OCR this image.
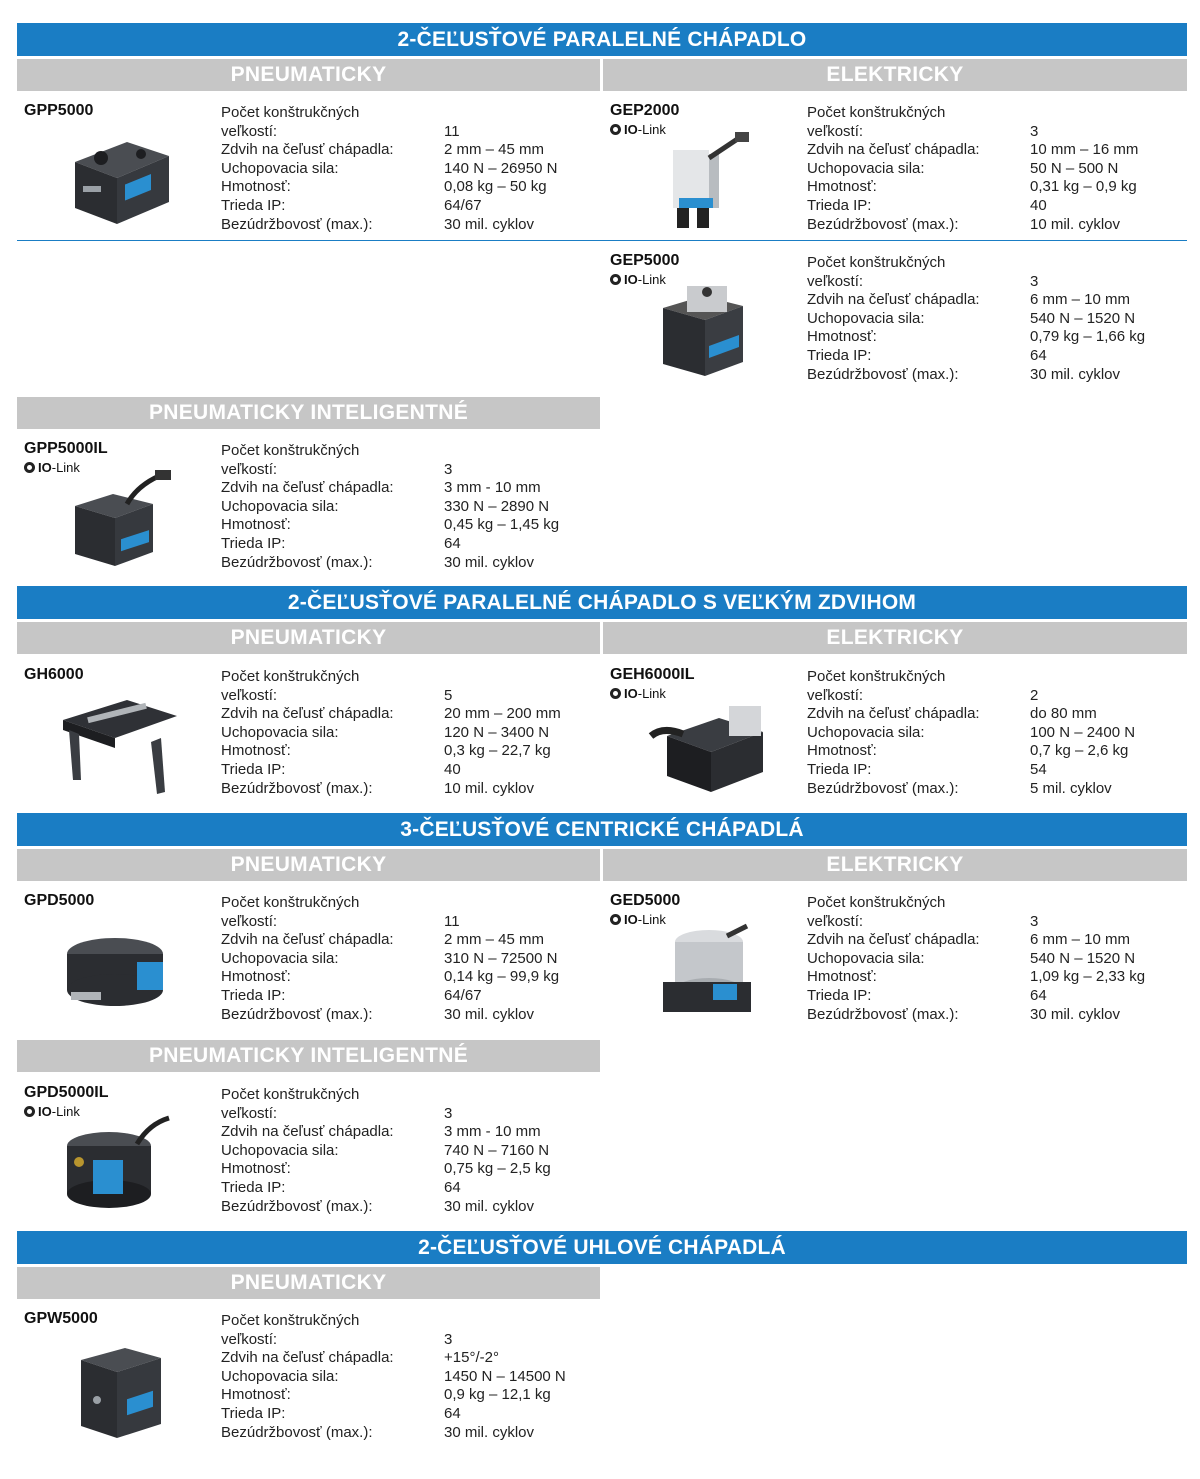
2-ČEĽUSŤOVÉ PARALELNÉ CHÁPADLO
PNEUMATICKY	ELEKTRICKY
GPP5000	Počet konštrukčných
veľkostí:	11
Zdvih na čeľusť chápadla:	2 mm – 45 mm
Uchopovacia sila:	140 N – 26950 N
Hmotnosť:	0,08 kg – 50 kg
Trieda IP:	64/67
Bezúdržbovosť (max.):	30 mil. cyklov
GEP2000
IO-Link
Počet konštrukčných
veľkostí:	3
Zdvih na čeľusť chápadla:	10 mm – 16 mm
Uchopovacia sila:	50 N – 500 N
Hmotnosť:	0,31 kg – 0,9 kg
Trieda IP:	40
Bezúdržbovosť (max.):	10 mil. cyklov
GEP5000
IO-Link
Počet konštrukčných
veľkostí:	3
Zdvih na čeľusť chápadla:	6 mm – 10 mm
Uchopovacia sila:	540 N – 1520 N
Hmotnosť:	0,79 kg – 1,66 kg
Trieda IP:	64
Bezúdržbovosť (max.):	30 mil. cyklov
PNEUMATICKY INTELIGENTNÉ
GPP5000IL
IO-Link
Počet konštrukčných
veľkostí:	3
Zdvih na čeľusť chápadla:	3 mm - 10 mm
Uchopovacia sila:	330 N – 2890 N
Hmotnosť:	0,45 kg – 1,45 kg
Trieda IP:	64
Bezúdržbovosť (max.):	30 mil. cyklov
2-ČEĽUSŤOVÉ PARALELNÉ CHÁPADLO S VEĽKÝM ZDVIHOM
PNEUMATICKY	ELEKTRICKY
GH6000	Počet konštrukčných
veľkostí:	5
Zdvih na čeľusť chápadla:	20 mm – 200 mm
Uchopovacia sila:	120 N – 3400 N
Hmotnosť:	0,3 kg – 22,7 kg
Trieda IP:	40
Bezúdržbovosť (max.):	10 mil. cyklov
GEH6000IL
IO-Link
Počet konštrukčných
veľkostí:	2
Zdvih na čeľusť chápadla:	do 80 mm
Uchopovacia sila:	100 N – 2400 N
Hmotnosť:	0,7 kg – 2,6 kg
Trieda IP:	54
Bezúdržbovosť (max.):	5 mil. cyklov
3-ČEĽUSŤOVÉ CENTRICKÉ CHÁPADLÁ
PNEUMATICKY	ELEKTRICKY
GPD5000	Počet konštrukčných
veľkostí:	11
Zdvih na čeľusť chápadla:	2 mm – 45 mm
Uchopovacia sila:	310 N – 72500 N
Hmotnosť:	0,14 kg – 99,9 kg
Trieda IP:	64/67
Bezúdržbovosť (max.):	30 mil. cyklov
GED5000
IO-Link
Počet konštrukčných
veľkostí:	3
Zdvih na čeľusť chápadla:	6 mm – 10 mm
Uchopovacia sila:	540 N – 1520 N
Hmotnosť:	1,09 kg – 2,33 kg
Trieda IP:	64
Bezúdržbovosť (max.):	30 mil. cyklov
PNEUMATICKY INTELIGENTNÉ
GPD5000IL
IO-Link
Počet konštrukčných
veľkostí:	3
Zdvih na čeľusť chápadla:	3 mm - 10 mm
Uchopovacia sila:	740 N – 7160 N
Hmotnosť:	0,75 kg – 2,5 kg
Trieda IP:	64
Bezúdržbovosť (max.):	30 mil. cyklov
2-ČEĽUSŤOVÉ UHLOVÉ CHÁPADLÁ
PNEUMATICKY
GPW5000	Počet konštrukčných
veľkostí:	3
Zdvih na čeľusť chápadla:	+15°/-2°
Uchopovacia sila:	1450 N – 14500 N
Hmotnosť:	0,9 kg – 12,1 kg
Trieda IP:	64
Bezúdržbovosť (max.):	30 mil. cyklov
